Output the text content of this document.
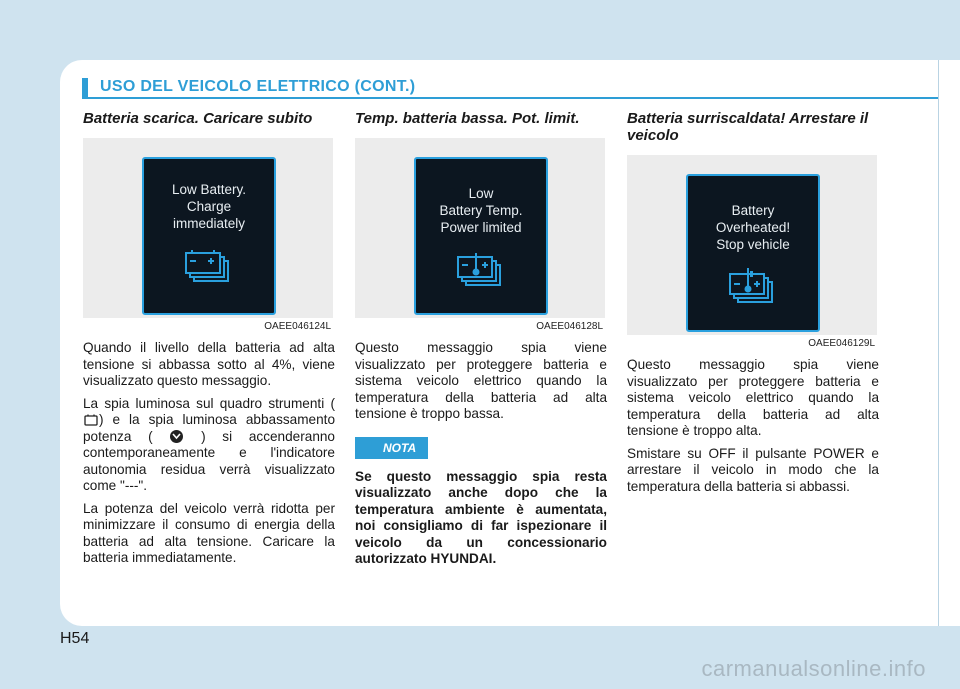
USO DEL VEICOLO ELETTRICO (CONT.)
Batteria scarica. Caricare subito
Low Battery.
Charge
immediately
OAEE046124L

Quando il livello della batteria ad alta tensione si abbassa sotto al 4%, viene visualizzato questo messaggio.

La spia luminosa sul quadro strumenti () e la spia luminosa abbassamento potenza (	) si accenderanno contemporaneamente e l'indicatore autonomia residua verrà visualizzato come "---".

La potenza del veicolo verrà ridotta per minimizzare il consumo di energia della batteria ad alta tensione. Caricare la batteria immediatamente.

Temp. batteria bassa. Pot. limit.
Low
Battery Temp.
Power limited
OAEE046128L

Questo messaggio spia viene visualizzato per proteggere batteria e sistema veicolo elettrico quando la temperatura della batteria ad alta tensione è troppo bassa.

NOTA

Se questo messaggio spia resta visualizzato anche dopo che la temperatura ambiente è aumentata, noi consigliamo di far ispezionare il veicolo da un concessionario autorizzato HYUNDAI.

Batteria surriscaldata! Arrestare il veicolo
Battery
Overheated!
Stop vehicle
OAEE046129L

Questo messaggio spia viene visualizzato per proteggere batteria e sistema veicolo elettrico quando la temperatura della batteria ad alta tensione è troppo alta.

Smistare su OFF il pulsante POWER e arrestare il veicolo in modo che la temperatura della batteria si abbassi.

H54
carmanualsonline.info
